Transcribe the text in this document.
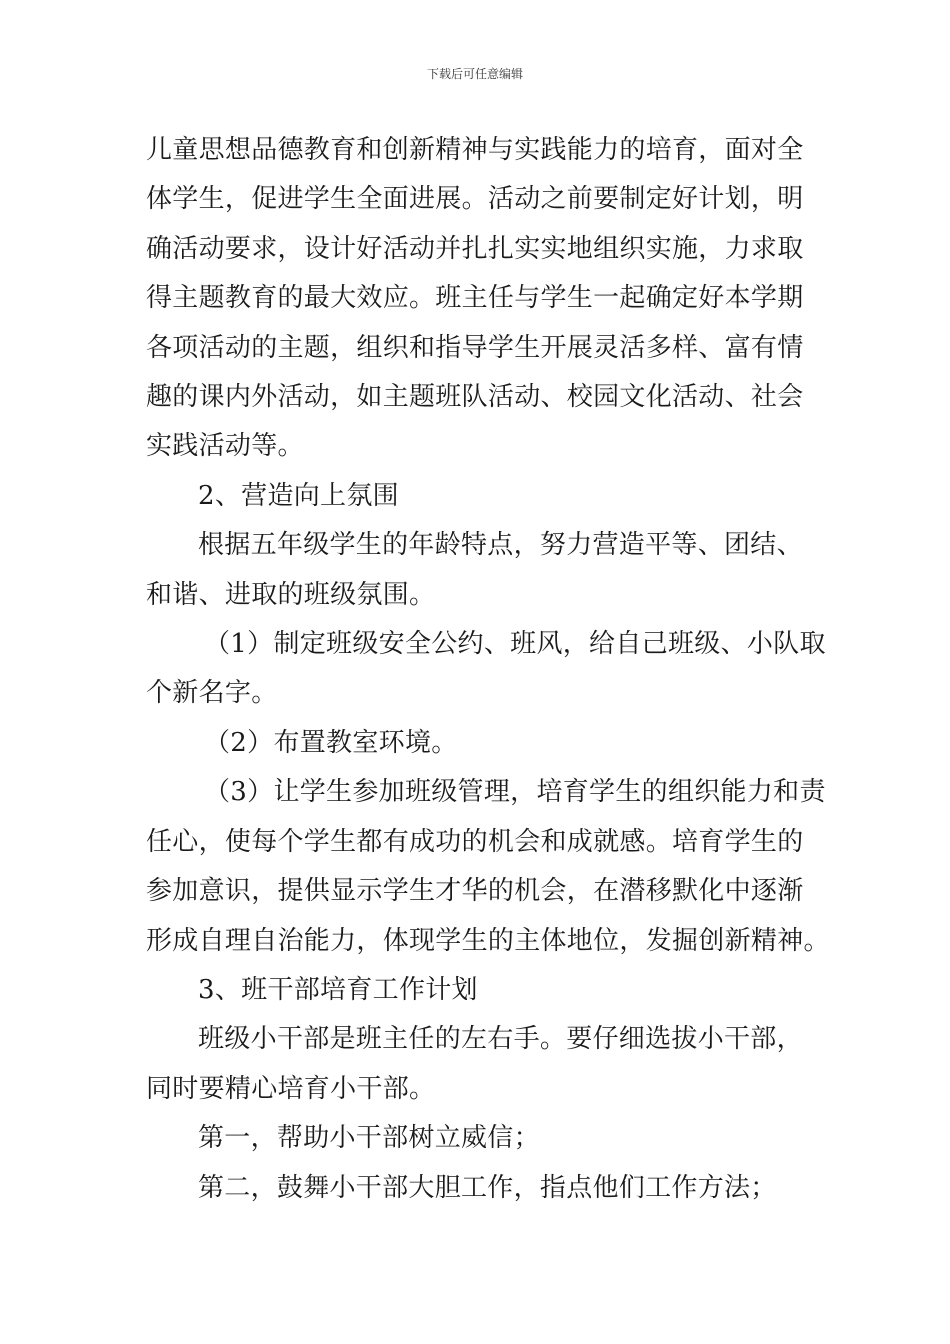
下载后可任意编辑

儿童思想品德教育和创新精神与实践能力的培育，面对全

体学生，促进学生全面进展。活动之前要制定好计划，明

确活动要求，设计好活动并扎扎实实地组织实施，力求取

得主题教育的最大效应。班主任与学生一起确定好本学期

各项活动的主题，组织和指导学生开展灵活多样、富有情

趣的课内外活动，如主题班队活动、校园文化活动、社会

实践活动等。

2、营造向上氛围

根据五年级学生的年龄特点，努力营造平等、团结、

和谐、进取的班级氛围。

（1）制定班级安全公约、班风，给自己班级、小队取

个新名字。

（2）布置教室环境。

（3）让学生参加班级管理，培育学生的组织能力和责

任心，使每个学生都有成功的机会和成就感。培育学生的

参加意识，提供显示学生才华的机会，在潜移默化中逐渐

形成自理自治能力，体现学生的主体地位，发掘创新精神。

3、班干部培育工作计划

班级小干部是班主任的左右手。要仔细选拔小干部，

同时要精心培育小干部。

第一，帮助小干部树立威信；

第二，鼓舞小干部大胆工作，指点他们工作方法；
